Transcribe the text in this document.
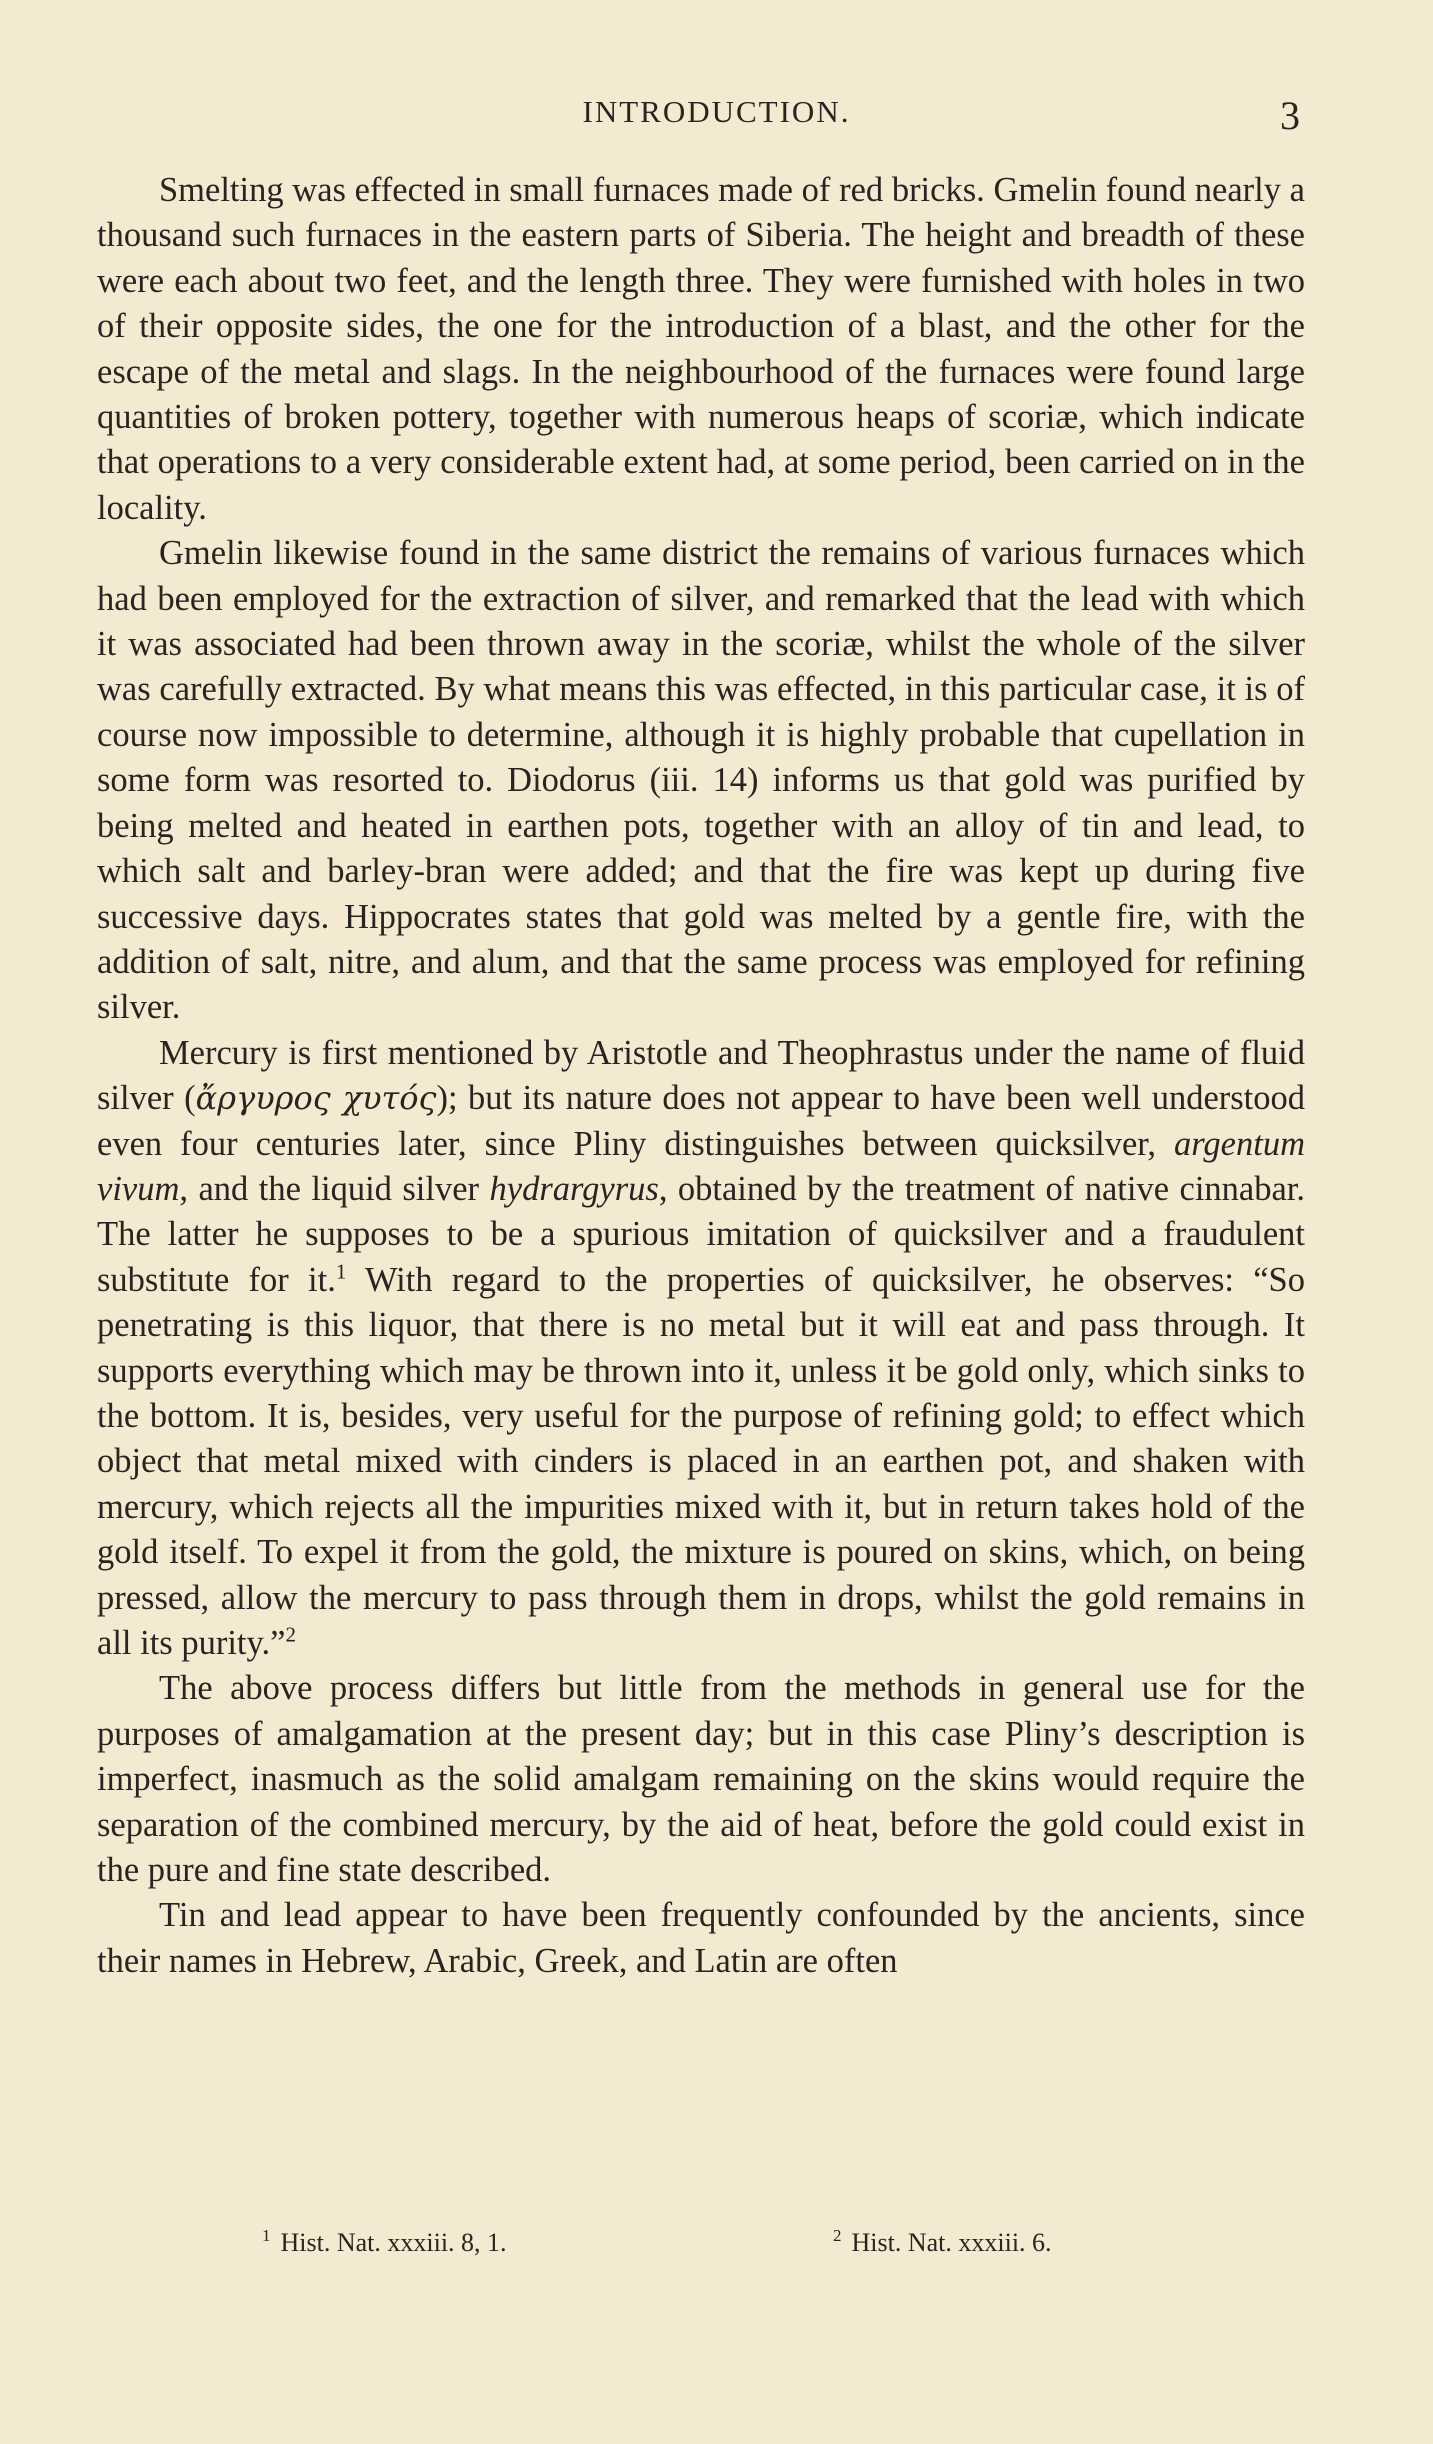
INTRODUCTION.	3

Smelting was effected in small furnaces made of red bricks. Gmelin found nearly a thousand such furnaces in the eastern parts of Siberia. The height and breadth of these were each about two feet, and the length three. They were furnished with holes in two of their opposite sides, the one for the introduction of a blast, and the other for the escape of the metal and slags. In the neighbourhood of the furnaces were found large quantities of broken pottery, together with numerous heaps of scoriæ, which indicate that operations to a very considerable extent had, at some period, been carried on in the locality.

Gmelin likewise found in the same district the remains of various furnaces which had been employed for the extraction of silver, and remarked that the lead with which it was associated had been thrown away in the scoriæ, whilst the whole of the silver was carefully extracted. By what means this was effected, in this particular case, it is of course now impossible to determine, although it is highly probable that cupellation in some form was resorted to. Diodorus (iii. 14) informs us that gold was purified by being melted and heated in earthen pots, together with an alloy of tin and lead, to which salt and barley-bran were added; and that the fire was kept up during five successive days. Hippocrates states that gold was melted by a gentle fire, with the addition of salt, nitre, and alum, and that the same process was employed for refining silver.

Mercury is first mentioned by Aristotle and Theophrastus under the name of fluid silver (ἄργυρος χυτός); but its nature does not appear to have been well understood even four centuries later, since Pliny distinguishes between quicksilver, argentum vivum, and the liquid silver hydrargyrus, obtained by the treatment of native cinnabar. The latter he supposes to be a spurious imitation of quicksilver and a fraudulent substitute for it.$^1$ With regard to the properties of quicksilver, he observes: “So penetrating is this liquor, that there is no metal but it will eat and pass through. It supports everything which may be thrown into it, unless it be gold only, which sinks to the bottom. It is, besides, very useful for the purpose of refining gold; to effect which object that metal mixed with cinders is placed in an earthen pot, and shaken with mercury, which rejects all the impurities mixed with it, but in return takes hold of the gold itself. To expel it from the gold, the mixture is poured on skins, which, on being pressed, allow the mercury to pass through them in drops, whilst the gold remains in all its purity.”$^2$

The above process differs but little from the methods in general use for the purposes of amalgamation at the present day; but in this case Pliny’s description is imperfect, inasmuch as the solid amalgam remaining on the skins would require the separation of the combined mercury, by the aid of heat, before the gold could exist in the pure and fine state described.

Tin and lead appear to have been frequently confounded by the ancients, since their names in Hebrew, Arabic, Greek, and Latin are often

$^1$ Hist. Nat. xxxiii. 8, 1.	$^2$ Hist. Nat. xxxiii. 6.
